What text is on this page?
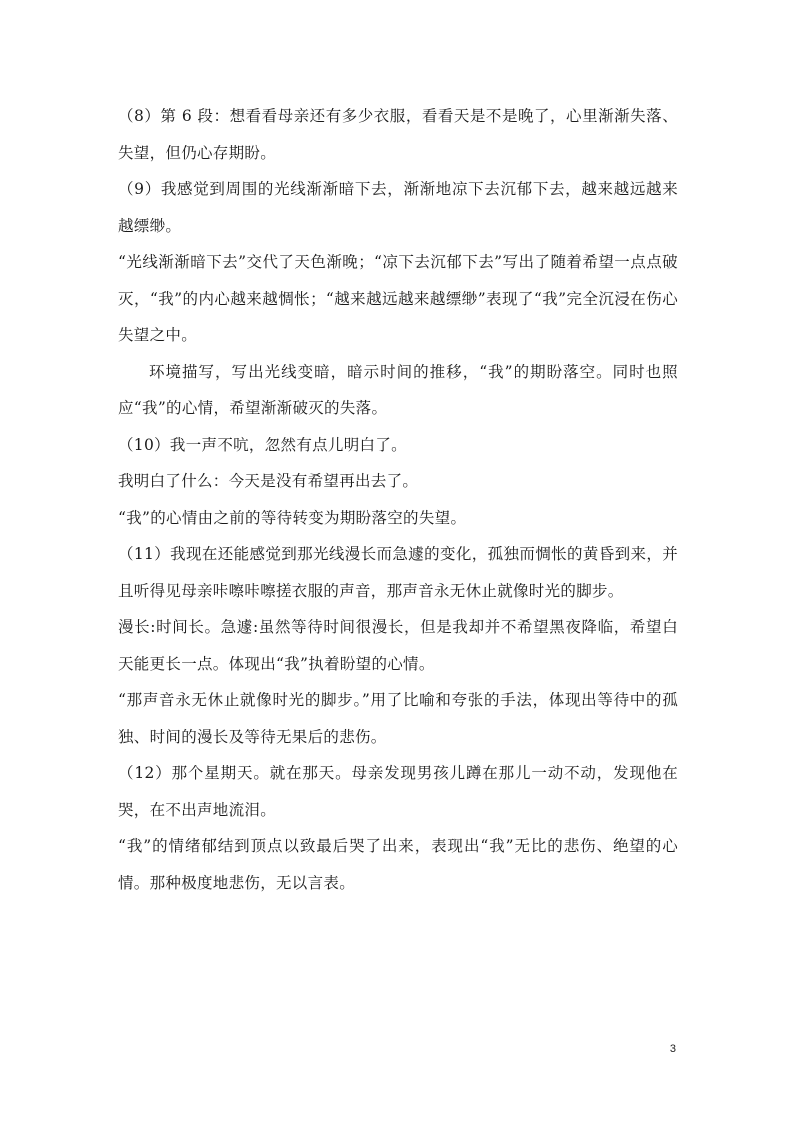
（8）第 6 段：想看看母亲还有多少衣服，看看天是不是晚了，心里渐渐失落、失望，但仍心存期盼。

（9）我感觉到周围的光线渐渐暗下去，渐渐地凉下去沉郁下去，越来越远越来越缥缈。

“光线渐渐暗下去”交代了天色渐晚；“凉下去沉郁下去”写出了随着希望一点点破灭，“我”的内心越来越惆怅；“越来越远越来越缥缈”表现了“我”完全沉浸在伤心失望之中。

环境描写，写出光线变暗，暗示时间的推移，“我”的期盼落空。同时也照应“我”的心情，希望渐渐破灭的失落。

（10）我一声不吭，忽然有点儿明白了。

我明白了什么：今天是没有希望再出去了。

“我”的心情由之前的等待转变为期盼落空的失望。

（11）我现在还能感觉到那光线漫长而急遽的变化，孤独而惆怅的黄昏到来，并且听得见母亲咔嚓咔嚓搓衣服的声音，那声音永无休止就像时光的脚步。

漫长:时间长。急遽:虽然等待时间很漫长，但是我却并不希望黑夜降临，希望白天能更长一点。体现出“我”执着盼望的心情。

“那声音永无休止就像时光的脚步。”用了比喻和夸张的手法，体现出等待中的孤独、时间的漫长及等待无果后的悲伤。

（12）那个星期天。就在那天。母亲发现男孩儿蹲在那儿一动不动，发现他在哭，在不出声地流泪。

“我”的情绪郁结到顶点以致最后哭了出来，表现出“我”无比的悲伤、绝望的心情。那种极度地悲伤，无以言表。

3
